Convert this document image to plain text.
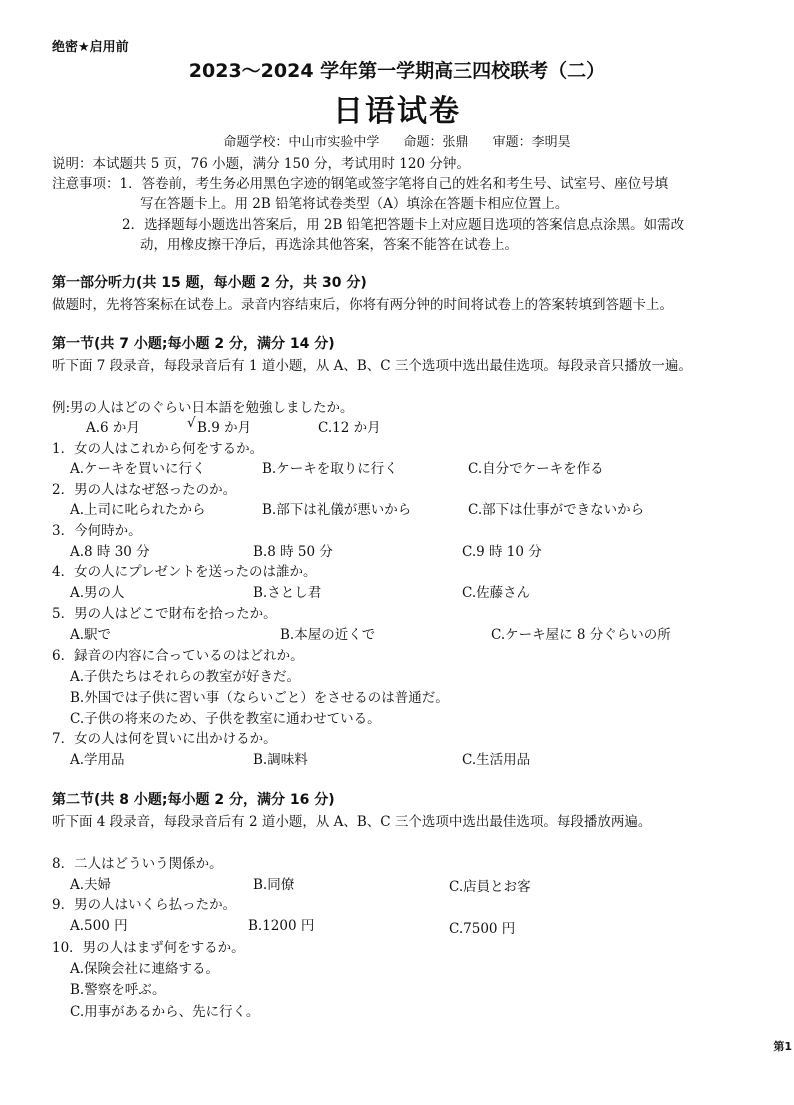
绝密★启用前
2023～2024 学年第一学期高三四校联考（二）
日语试卷
命题学校：中山市实验中学 命题：张鼎 审题：李明昊
说明：本试题共 5 页，76 小题，满分 150 分，考试用时 120 分钟。
注意事项：1．答卷前，考生务必用黑色字迹的钢笔或签字笔将自己的姓名和考生号、试室号、座位号填
写在答题卡上。用 2B 铅笔将试卷类型（A）填涂在答题卡相应位置上。
2．选择题每小题选出答案后，用 2B 铅笔把答题卡上对应题目选项的答案信息点涂黑。如需改
动，用橡皮擦干净后，再选涂其他答案，答案不能答在试卷上。
第一部分听力(共 15 题，每小题 2 分，共 30 分)
做题时，先将答案标在试卷上。录音内容结束后，你将有两分钟的时间将试卷上的答案转填到答题卡上。
第一节(共 7 小题;每小题 2 分，满分 14 分)
听下面 7 段录音，每段录音后有 1 道小题，从 A、B、C 三个选项中选出最佳选项。每段录音只播放一遍。
例:男の人はどのぐらい日本語を勉強しましたか。
A.6 か月	√ B.9 か月	C.12 か月
1．女の人はこれから何をするか。
A.ケーキを買いに行く	B.ケーキを取りに行く	C.自分でケーキを作る
2．男の人はなぜ怒ったのか。
A.上司に叱られたから	B.部下は礼儀が悪いから	C.部下は仕事ができないから
3．今何時か。
A.8 時 30 分	B.8 時 50 分	C.9 時 10 分
4．女の人にプレゼントを送ったのは誰か。
A.男の人	B.さとし君	C.佐藤さん
5．男の人はどこで財布を拾ったか。
A.駅で	B.本屋の近くで	C.ケーキ屋に 8 分ぐらいの所
6．録音の内容に合っているのはどれか。
A.子供たちはそれらの教室が好きだ。
B.外国では子供に習い事（ならいごと）をさせるのは普通だ。
C.子供の将来のため、子供を教室に通わせている。
7．女の人は何を買いに出かけるか。
A.学用品	B.調味料	C.生活用品
第二节(共 8 小题;每小题 2 分，满分 16 分)
听下面 4 段录音，每段录音后有 2 道小题，从 A、B、C 三个选项中选出最佳选项。每段播放两遍。
8．二人はどういう関係か。
A.夫婦	B.同僚	C.店員とお客
9．男の人はいくら払ったか。
A.500 円	B.1200 円	C.7500 円
10．男の人はまず何をするか。
A.保険会社に連絡する。
B.警察を呼ぶ。
C.用事があるから、先に行く。
第1
